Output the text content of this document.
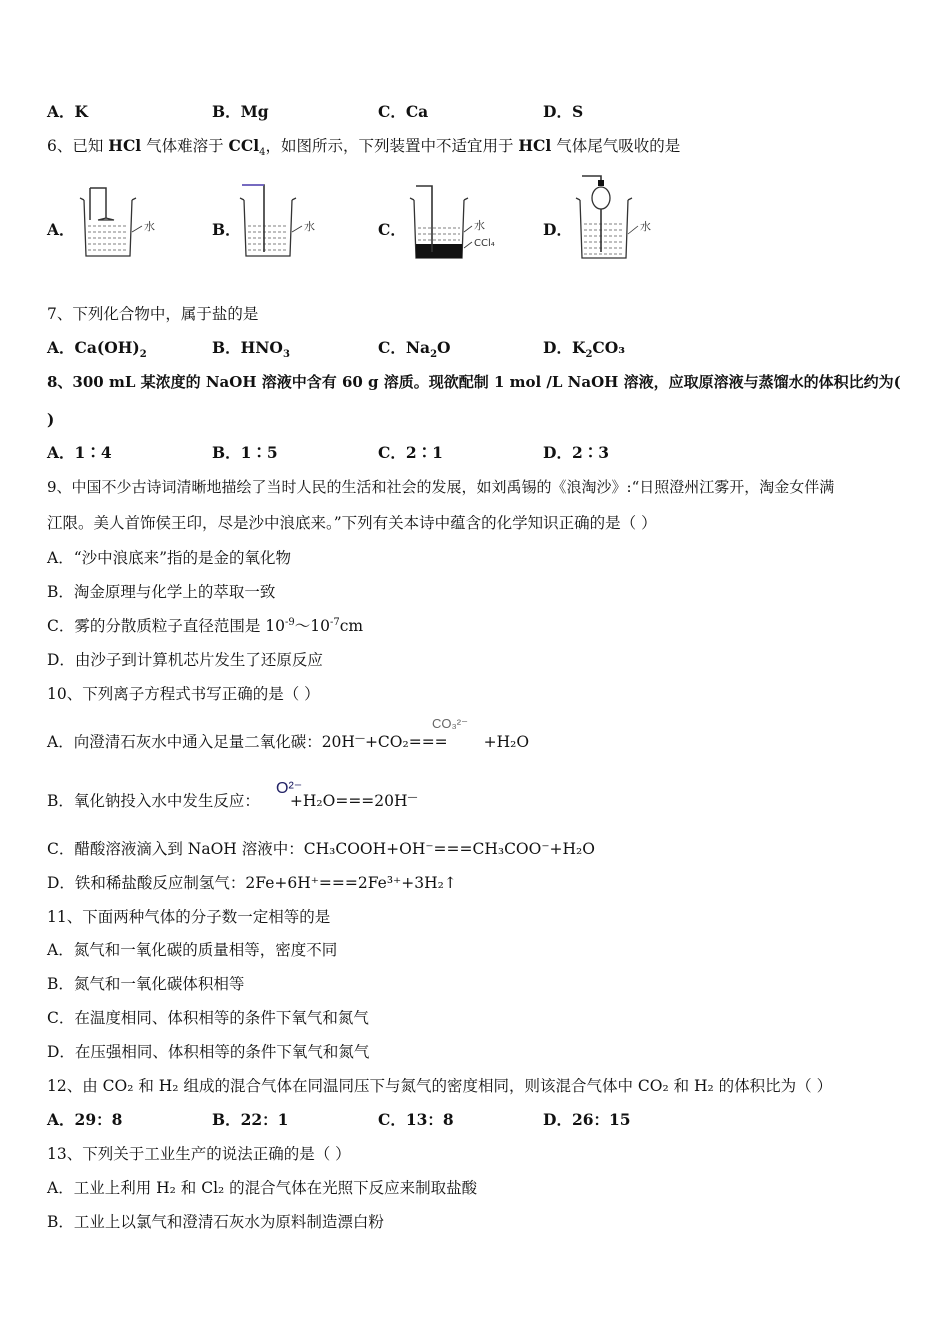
A．K	B．Mg	C．Ca	D．S
6、已知 HCl 气体难溶于 CCl$_4$，如图所示，下列装置中不适宜用于 HCl 气体尾气吸收的是
A．	B．	C．	D．
水	水	水
CCl₄
水
7、下列化合物中，属于盐的是
A．$Ca(OH)_2$	B．$HNO_3$	C．$Na_2O$	D．$K_2CO_3$
8、300 mL 某浓度的 NaOH 溶液中含有 60 g 溶质。现欲配制 1 mol /L NaOH 溶液，应取原溶液与蒸馏水的体积比约为(
)
A．1∶4	B．1∶5	C．2∶1	D．2∶3
9、中国不少古诗词清晰地描绘了当时人民的生活和社会的发展，如刘禹锡的《浪淘沙》:“日照澄州江雾开，淘金女伴满
江限。美人首饰侯王印，尽是沙中浪底来。”下列有关本诗中蕴含的化学知识正确的是（ ）
A．“沙中浪底来”指的是金的氧化物
B．淘金原理与化学上的萃取一致
C．雾的分散质粒子直径范围是 $10^{-9}\sim 10^{-7}cm$
D．由沙子到计算机芯片发生了还原反应
10、下列离子方程式书写正确的是（ ）
A．向澄清石灰水中通入足量二氧化碳：20H—+CO₂=== +H₂O
CO₃²⁻
B．氧化钠投入水中发生反应： +H₂O===20H—
O²⁻
C．醋酸溶液滴入到 NaOH 溶液中：CH₃COOH+OH⁻===CH₃COO⁻+H₂O
D．铁和稀盐酸反应制氢气：2Fe+6H⁺===2Fe³⁺+3H₂↑
11、下面两种气体的分子数一定相等的是
A．氮气和一氧化碳的质量相等，密度不同
B．氮气和一氧化碳体积相等
C．在温度相同、体积相等的条件下氧气和氮气
D．在压强相同、体积相等的条件下氧气和氮气
12、由 CO₂ 和 H₂ 组成的混合气体在同温同压下与氮气的密度相同，则该混合气体中 CO₂ 和 H₂ 的体积比为（ ）
A．29：8	B．22：1	C．13：8	D．26：15
13、下列关于工业生产的说法正确的是（ ）
A．工业上利用 H₂ 和 Cl₂ 的混合气体在光照下反应来制取盐酸
B．工业上以氯气和澄清石灰水为原料制造漂白粉
